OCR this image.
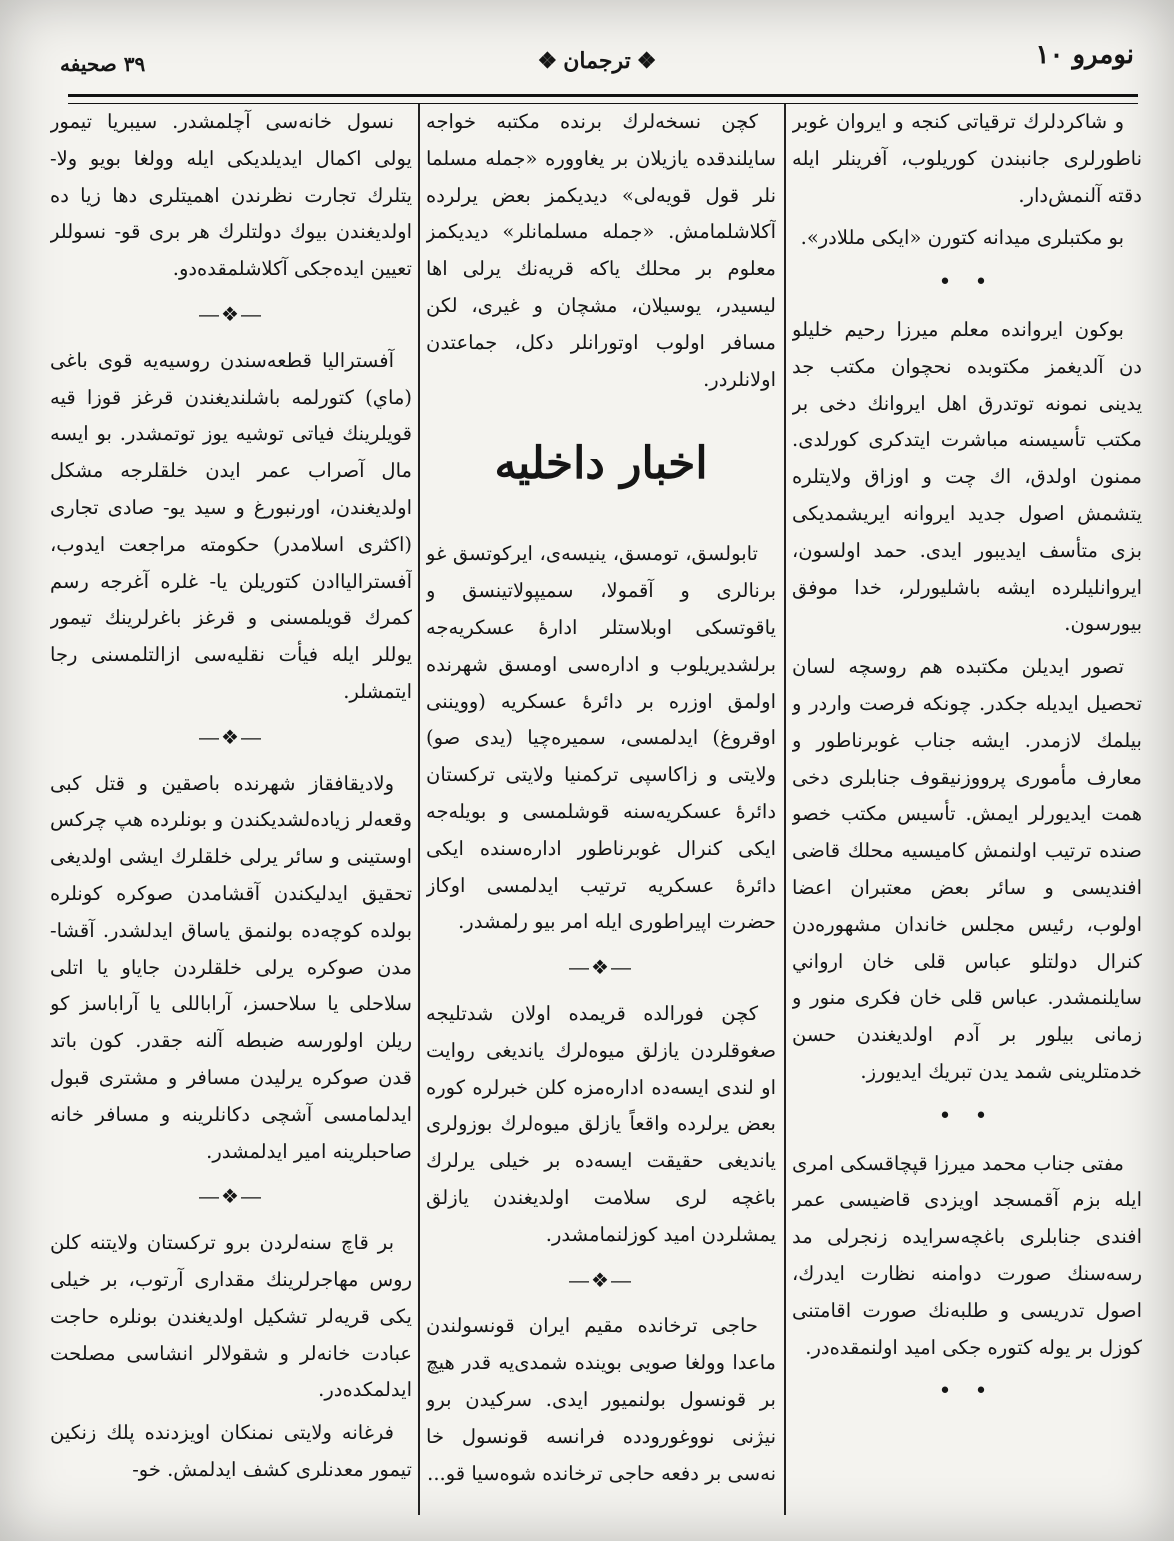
نومرو ١٠
❖ترجمان❖
٣٩ صحيفه

و شاكردلرك ترقياتی كنجه و ايروان غوبر ناطورلری جانبندن كوريلوب، آفرينلر ايله دقته آلنمش‌دار.

بو مكتبلری ميدانه كتورن «ايكی مللادر».

• •

بوكون ايروانده معلم ميرزا رحيم خليلو دن آلديغمز مكتوبده نحچوان مكتب جد يدينی نمونه توتدرق اهل ايروانك دخی بر مكتب تأسيسنه مباشرت ايتدكری كورلدی. ممنون اولدق، اك چت و اوزاق ولايتلره يتشمش اصول جديد ايروانه ايريشمديكی بزی متأسف ايديبور ايدی. حمد اولسون، ايروانليلرده ايشه باشليورلر، خدا موفق بيورسون.

تصور ايديلن مكتبده هم روسچه لسان تحصيل ايديله جكدر. چونكه فرصت واردر و بيلمك لازمدر. ايشه جناب غوبرناطور و معارف مأموری پرووزنيقوف جنابلری دخی همت ايديورلر ايمش. تأسيس مكتب خصو صنده ترتيب اولنمش كاميسيه محلك قاضی افنديسی و سائر بعض معتبران اعضا اولوب، رئيس مجلس خاندان مشهوره‌دن كنرال دولتلو عباس قلی خان ارواني سايلنمشدر. عباس قلی خان فكری منور و زمانی بيلور بر آدم اولديغندن حسن خدمتلرينی شمد يدن تبريك ايديورز.

• •

مفتی جناب محمد ميرزا قپچاقسكی امری ايله بزم آقمسجد اويزدی قاضيسی عمر افندی جنابلری باغچه‌سرايده زنجرلی مد رسه‌سنك صورت دوامنه نظارت ايدرك، اصول تدريسی و طلبه‌نك صورت اقامتنی كوزل بر يوله كتوره جكی اميد اولنمقده‌در.

• •

كچن نسخه‌لرك برنده مكتبه خواجه سايلندقده يازيلان بر يغاووره «جمله مسلما نلر قول قويه‌لی» ديديكمز بعض يرلرده آكلاشلمامش. «جمله مسلمانلر» ديديكمز معلوم بر محلك ياكه قريه‌نك يرلی اها ليسيدر، يوسيلان، مشچان و غيری، لكن مسافر اولوب اوتورانلر دكل، جماعتدن اولانلردر.

اخبار داخليه

تابولسق، تومسق، ينيسه‌ی، ايركوتسق غو برنالری و آقمولا، سميپولاتينسق و ياقوتسكی اوبلاستلر ادارهٔ عسكريه‌جه برلشديريلوب و اداره‌سی اومسق شهرنده اولمق اوزره بر دائرهٔ عسكريه (وويننی اوقروغ) ايدلمسی، سميره‌چيا (يدی صو) ولايتی و زاكاسپی تركمنيا ولايتی تركستان دائرهٔ عسكريه‌سنه قوشلمسی و بويله‌جه ايكی كنرال غوبرناطور اداره‌سنده ايكی دائرهٔ عسكريه ترتيب ايدلمسی اوكاز حضرت اپيراطوری ايله امر بيو رلمشدر.

―❖―

كچن فورالده قريمده اولان شدتليجه صغوقلردن يازلق ميوه‌لرك يانديغی روايت او لندی ايسه‌ده اداره‌مزه كلن خبرلره كوره بعض يرلرده واقعاً يازلق ميوه‌لرك بوزولری يانديغی حقيقت ايسه‌ده بر خيلی يرلرك باغچه لری سلامت اولديغندن يازلق يمشلردن اميد كوزلنمامشدر.

―❖―

حاجی ترخانده مقيم ايران قونسولندن ماعدا وولغا صويی بوينده شمدی‌يه قدر هيچ بر قونسول بولنميور ايدی. سركيدن برو نيژنی نووغورودده فرانسه قونسول خا نه‌سی بر دفعه حاجی ترخانده شوه‌سيا قو...

نسول خانه‌سی آچلمشدر. سيبريا تيمور يولی اكمال ايديلديكی ايله وولغا بويو ولا- يتلرك تجارت نظرندن اهميتلری دها زيا ده اولديغندن بيوك دولتلرك هر بری قو- نسوللر تعيين ايده‌جكی آكلاشلمقده‌دو.

―❖―

آفستراليا قطعه‌سندن روسيه‌يه قوی باغی (ماي) كتورلمه باشلنديغندن قرغز قوزا قيه قويلرينك فياتی توشيه يوز توتمشدر. بو ايسه مال آصراب عمر ايدن خلقلرجه مشكل اولديغندن، اورنبورغ و سيد يو- صادی تجاری (اكثری اسلامدر) حكومته مراجعت ايدوب، آفسترالياادن كتوريلن يا- غلره آغرجه رسم كمرك قويلمسنی و قرغز باغرلرينك تيمور يوللر ايله فيأت نقليه‌سی ازالتلمسنی رجا ايتمشلر.

―❖―

ولاديقافقاز شهرنده باصقين و قتل كبی وقعه‌لر زياده‌لشديكندن و بونلرده هپ چركس اوستينی و سائر يرلی خلقلرك ايشی اولديغی تحقيق ايدليكندن آقشامدن صوكره كونلره بولده كوچه‌ده بولنمق ياساق ايدلشدر. آقشا- مدن صوكره يرلی خلقلردن جاياو يا اتلی سلاحلی يا سلاحسز، آراباللی يا آراباسز كو ريلن اولورسه ضبطه آلنه جقدر. كون باتد قدن صوكره يرليدن مسافر و مشتری قبول ايدلمامسی آشچی دكانلرينه و مسافر خانه صاحبلرينه امير ايدلمشدر.

―❖―

بر قاچ سنه‌لردن برو تركستان ولايتنه كلن روس مهاجرلرينك مقداری آرتوب، بر خيلی يكی قريه‌لر تشكيل اولديغندن بونلره حاجت عبادت خانه‌لر و شقولالر انشاسی مصلحت ايدلمكده‌در.

فرغانه ولايتی نمنكان اويزدنده پلك زنكين تيمور معدنلری كشف ايدلمش. خو-
